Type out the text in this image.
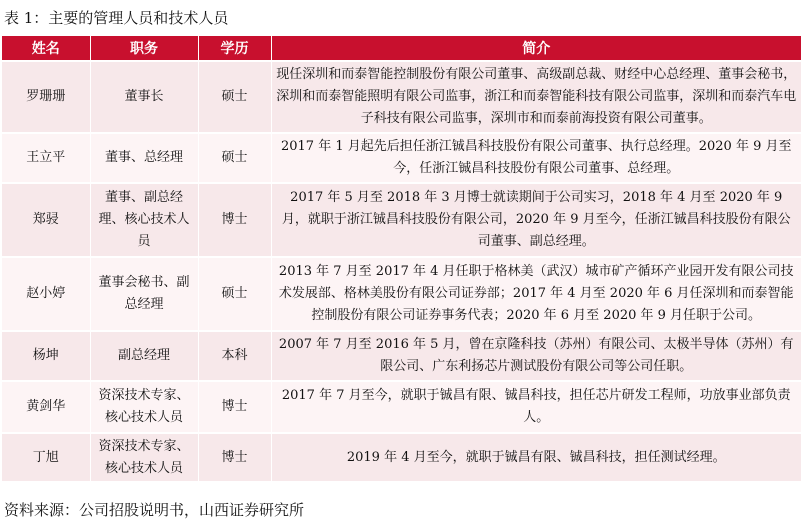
表 1：主要的管理人员和技术人员
姓名	职务	学历	简介
罗珊珊	董事长	硕士	现任深圳和而泰智能控制股份有限公司董事、高级副总裁、财经中心总经理、董事会秘书，深圳和而泰智能照明有限公司监事，浙江和而泰智能科技有限公司监事，深圳和而泰汽车电子科技有限公司监事，深圳市和而泰前海投资有限公司董事。
王立平	董事、总经理	硕士	2017 年 1 月起先后担任浙江铖昌科技股份有限公司董事、执行总经理。2020 年 9 月至今，任浙江铖昌科技股份有限公司董事、总经理。
郑骎	董事、副总经理、核心技术人员	博士	2017 年 5 月至 2018 年 3 月博士就读期间于公司实习，2018 年 4 月至 2020 年 9 月，就职于浙江铖昌科技股份有限公司，2020 年 9 月至今，任浙江铖昌科技股份有限公司董事、副总经理。
赵小婷	董事会秘书、副总经理	硕士	2013 年 7 月至 2017 年 4 月任职于格林美（武汉）城市矿产循环产业园开发有限公司技术发展部、格林美股份有限公司证券部；2017 年 4 月至 2020 年 6 月任深圳和而泰智能控制股份有限公司证券事务代表；2020 年 6 月至 2020 年 9 月任职于公司。
杨坤	副总经理	本科	2007 年 7 月至 2016 年 5 月，曾在京隆科技（苏州）有限公司、太极半导体（苏州）有限公司、广东利扬芯片测试股份有限公司等公司任职。
黄剑华	资深技术专家、核心技术人员	博士	2017 年 7 月至今，就职于铖昌有限、铖昌科技，担任芯片研发工程师，功放事业部负责人。
丁旭	资深技术专家、核心技术人员	博士	2019 年 4 月至今，就职于铖昌有限、铖昌科技，担任测试经理。
资料来源：公司招股说明书，山西证券研究所
